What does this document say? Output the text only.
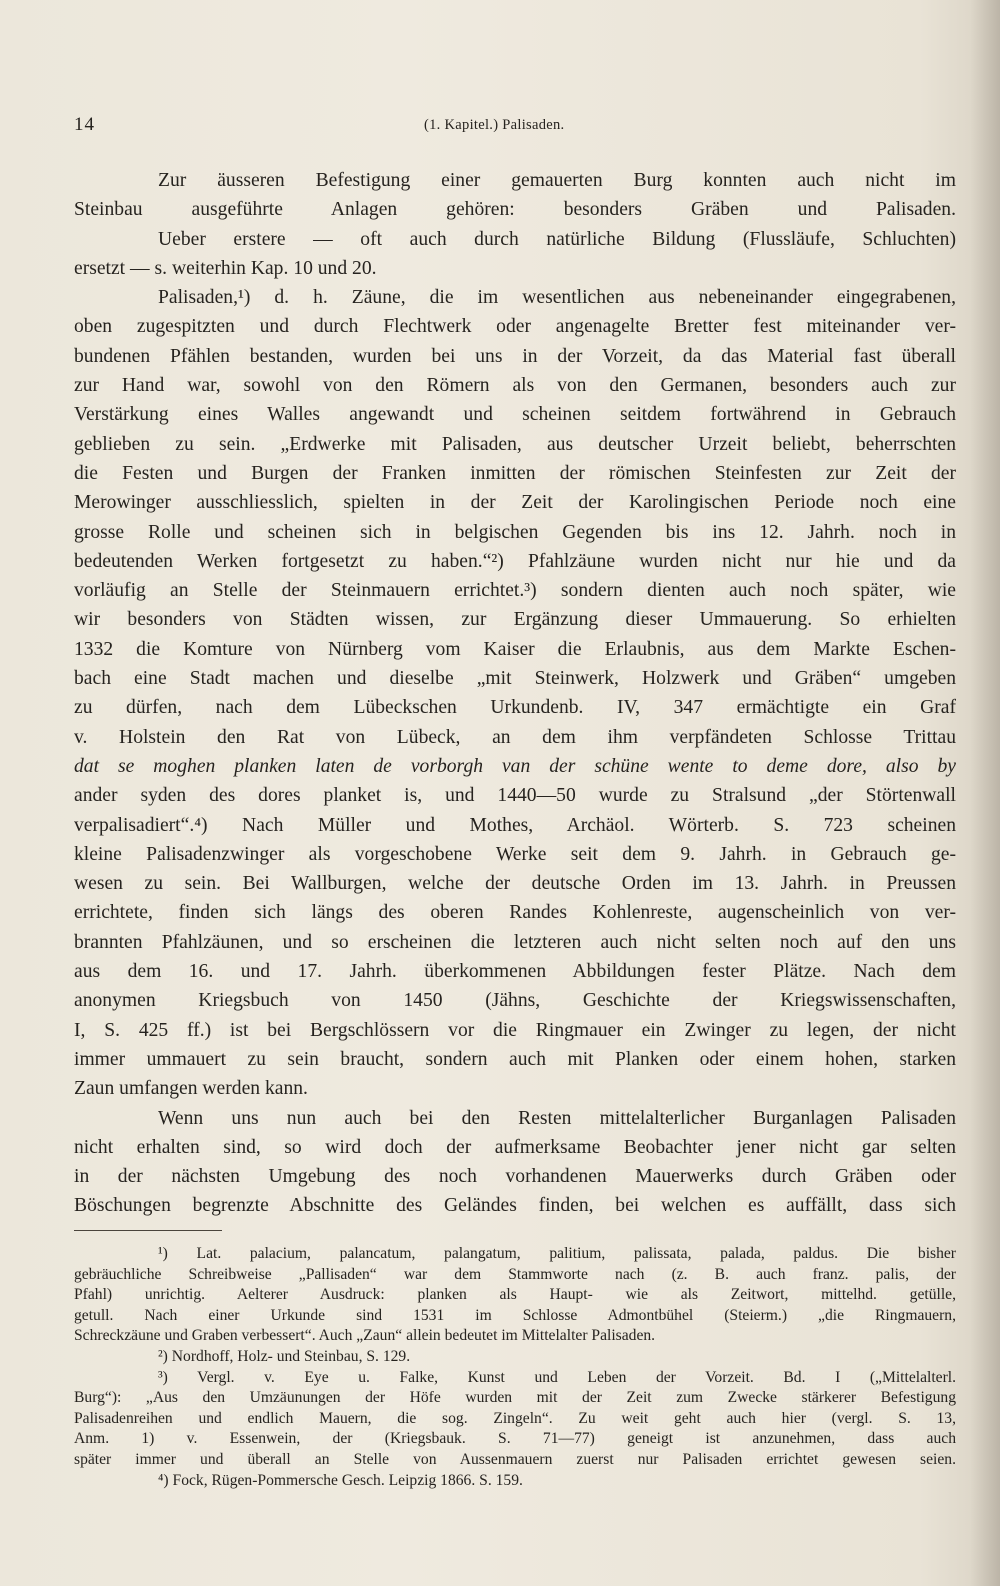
14	(1. Kapitel.) Palisaden.
Zur äusseren Befestigung einer gemauerten Burg konnten auch nicht im
Steinbau ausgeführte Anlagen gehören: besonders Gräben und Palisaden.
Ueber erstere — oft auch durch natürliche Bildung (Flussläufe, Schluchten)
ersetzt — s. weiterhin Kap. 10 und 20.
Palisaden,¹) d. h. Zäune, die im wesentlichen aus nebeneinander eingegrabenen,
oben zugespitzten und durch Flechtwerk oder angenagelte Bretter fest miteinander ver-
bundenen Pfählen bestanden, wurden bei uns in der Vorzeit, da das Material fast überall
zur Hand war, sowohl von den Römern als von den Germanen, besonders auch zur
Verstärkung eines Walles angewandt und scheinen seitdem fortwährend in Gebrauch
geblieben zu sein. „Erdwerke mit Palisaden, aus deutscher Urzeit beliebt, beherrschten
die Festen und Burgen der Franken inmitten der römischen Steinfesten zur Zeit der
Merowinger ausschliesslich, spielten in der Zeit der Karolingischen Periode noch eine
grosse Rolle und scheinen sich in belgischen Gegenden bis ins 12. Jahrh. noch in
bedeutenden Werken fortgesetzt zu haben.“²) Pfahlzäune wurden nicht nur hie und da
vorläufig an Stelle der Steinmauern errichtet.³) sondern dienten auch noch später, wie
wir besonders von Städten wissen, zur Ergänzung dieser Ummauerung. So erhielten
1332 die Komture von Nürnberg vom Kaiser die Erlaubnis, aus dem Markte Eschen-
bach eine Stadt machen und dieselbe „mit Steinwerk, Holzwerk und Gräben“ umgeben
zu dürfen, nach dem Lübeckschen Urkundenb. IV, 347 ermächtigte ein Graf
v. Holstein den Rat von Lübeck, an dem ihm verpfändeten Schlosse Trittau
dat se moghen planken laten de vorborgh van der schüne wente to deme dore, also by
ander syden des dores planket is, und 1440—50 wurde zu Stralsund „der Störtenwall
verpalisadiert“.⁴) Nach Müller und Mothes, Archäol. Wörterb. S. 723 scheinen
kleine Palisadenzwinger als vorgeschobene Werke seit dem 9. Jahrh. in Gebrauch ge-
wesen zu sein. Bei Wallburgen, welche der deutsche Orden im 13. Jahrh. in Preussen
errichtete, finden sich längs des oberen Randes Kohlenreste, augenscheinlich von ver-
brannten Pfahlzäunen, und so erscheinen die letzteren auch nicht selten noch auf den uns
aus dem 16. und 17. Jahrh. überkommenen Abbildungen fester Plätze. Nach dem
anonymen Kriegsbuch von 1450 (Jähns, Geschichte der Kriegswissenschaften,
I, S. 425 ff.) ist bei Bergschlössern vor die Ringmauer ein Zwinger zu legen, der nicht
immer ummauert zu sein braucht, sondern auch mit Planken oder einem hohen, starken
Zaun umfangen werden kann.
Wenn uns nun auch bei den Resten mittelalterlicher Burganlagen Palisaden
nicht erhalten sind, so wird doch der aufmerksame Beobachter jener nicht gar selten
in der nächsten Umgebung des noch vorhandenen Mauerwerks durch Gräben oder
Böschungen begrenzte Abschnitte des Geländes finden, bei welchen es auffällt, dass sich
¹) Lat. palacium, palancatum, palangatum, palitium, palissata, palada, paldus. Die bisher
gebräuchliche Schreibweise „Pallisaden“ war dem Stammworte nach (z. B. auch franz. palis, der
Pfahl) unrichtig. Aelterer Ausdruck: planken als Haupt- wie als Zeitwort, mittelhd. getülle,
getull. Nach einer Urkunde sind 1531 im Schlosse Admontbühel (Steierm.) „die Ringmauern,
Schreckzäune und Graben verbessert“. Auch „Zaun“ allein bedeutet im Mittelalter Palisaden.
²) Nordhoff, Holz- und Steinbau, S. 129.
³) Vergl. v. Eye u. Falke, Kunst und Leben der Vorzeit. Bd. I („Mittelalterl.
Burg“): „Aus den Umzäunungen der Höfe wurden mit der Zeit zum Zwecke stärkerer Befestigung
Palisadenreihen und endlich Mauern, die sog. Zingeln“. Zu weit geht auch hier (vergl. S. 13,
Anm. 1) v. Essenwein, der (Kriegsbauk. S. 71—77) geneigt ist anzunehmen, dass auch
später immer und überall an Stelle von Aussenmauern zuerst nur Palisaden errichtet gewesen seien.
⁴) Fock, Rügen-Pommersche Gesch. Leipzig 1866. S. 159.
